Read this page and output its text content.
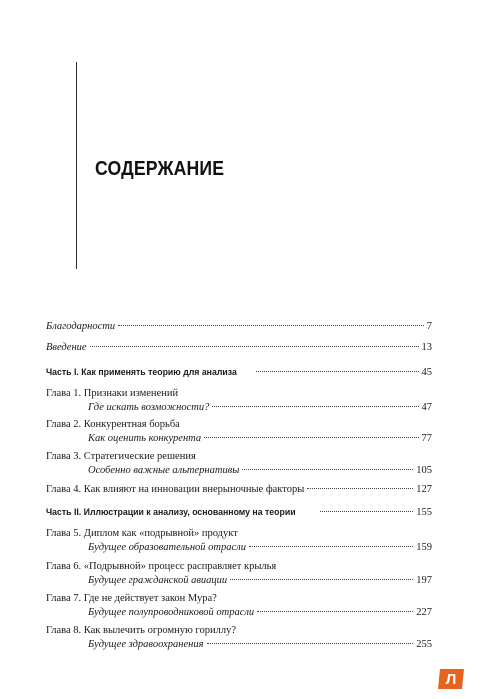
СОДЕРЖАНИЕ
Благодарности	7
Введение	13
Часть I. Как применять теорию для анализа	45
Глава 1. Признаки изменений
Где искать возможности?	47
Глава 2. Конкурентная борьба
Как оценить конкурента	77
Глава 3. Стратегические решения
Особенно важные альтернативы	105
Глава 4. Как влияют на инновации внерыночные факторы	127
Часть II. Иллюстрации к анализу, основанному на теории	155
Глава 5. Диплом как «подрывной» продукт
Будущее образовательной отрасли	159
Глава 6. «Подрывной» процесс расправляет крылья
Будущее гражданской авиации	197
Глава 7. Где не действует закон Мура?
Будущее полупроводниковой отрасли	227
Глава 8. Как вылечить огромную гориллу?
Будущее здравоохранения	255
Л
